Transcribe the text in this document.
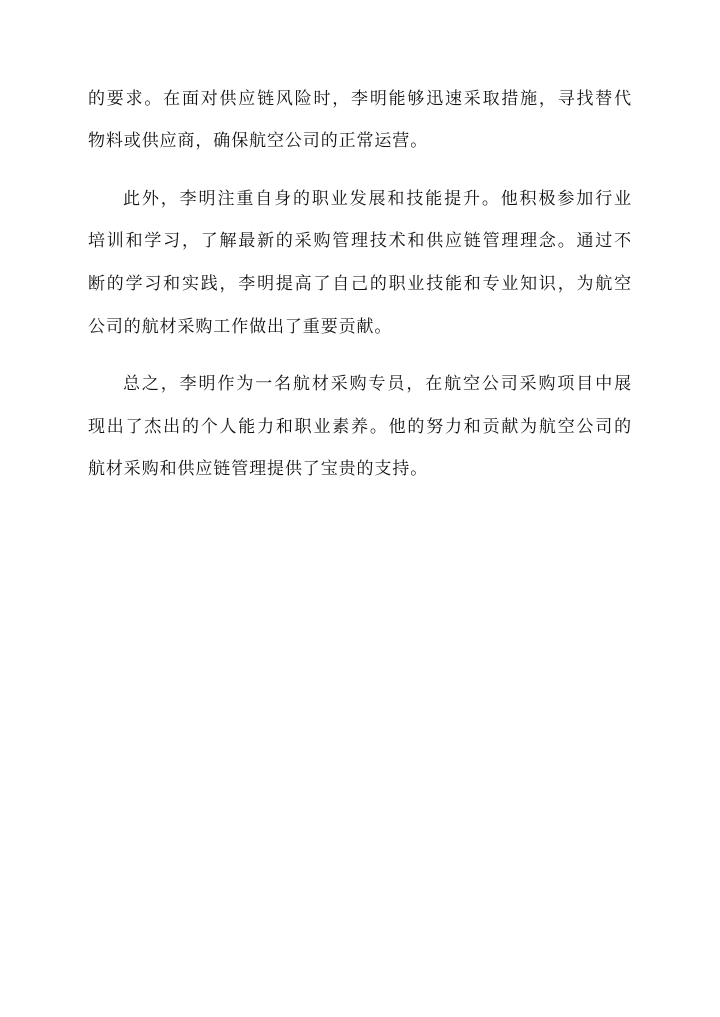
的要求。在面对供应链风险时，李明能够迅速采取措施，寻找替代

物料或供应商，确保航空公司的正常运营。

此外，李明注重自身的职业发展和技能提升。他积极参加行业

培训和学习，了解最新的采购管理技术和供应链管理理念。通过不

断的学习和实践，李明提高了自己的职业技能和专业知识，为航空

公司的航材采购工作做出了重要贡献。

总之，李明作为一名航材采购专员，在航空公司采购项目中展

现出了杰出的个人能力和职业素养。他的努力和贡献为航空公司的

航材采购和供应链管理提供了宝贵的支持。
